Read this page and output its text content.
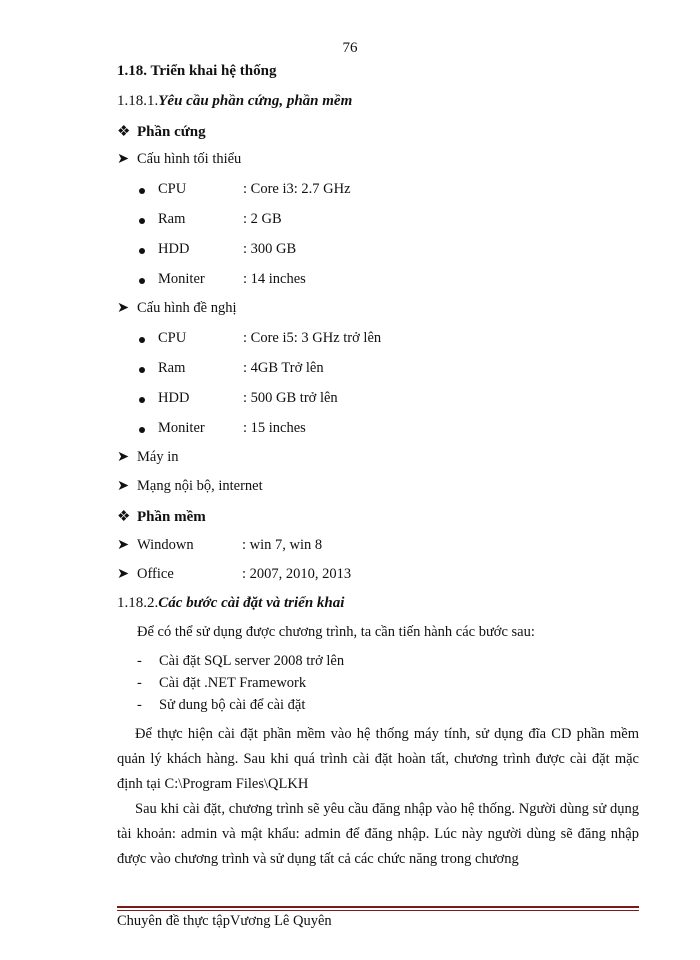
76
1.18. Triển khai hệ thống
1.18.1.Yêu cầu phần cứng, phần mềm
❖ Phần cứng
➤ Cấu hình tối thiểu
CPU	: Core i3: 2.7 GHz
Ram	: 2 GB
HDD	: 300 GB
Moniter	: 14 inches
➤ Cấu hình đề nghị
CPU	: Core i5: 3 GHz trở lên
Ram	: 4GB Trở lên
HDD	: 500 GB trở lên
Moniter	: 15 inches
➤ Máy in
➤ Mạng nội bộ, internet
❖ Phần mềm
➤ Windown	: win 7, win 8
➤ Office	: 2007, 2010, 2013
1.18.2.Các bước cài đặt và triển khai
Để có thể sử dụng được chương trình, ta cần tiến hành các bước sau:
- Cài đặt SQL server 2008 trở lên
- Cài đặt .NET Framework
- Sử dung bộ cài để cài đặt
Để thực hiện cài đặt phần mềm vào hệ thống máy tính, sử dụng đĩa CD phần mềm quản lý khách hàng. Sau khi quá trình cài đặt hoàn tất, chương trình được cài đặt mặc định tại C:\Program Files\QLKH
Sau khi cài đặt, chương trình sẽ yêu cầu đăng nhập vào hệ thống. Người dùng sử dụng tài khoản: admin và mật khẩu: admin để đăng nhập. Lúc này người dùng sẽ đăng nhập được vào chương trình và sử dụng tất cả các chức năng trong chương
Chuyên đề thực tậpVương Lê Quyên
